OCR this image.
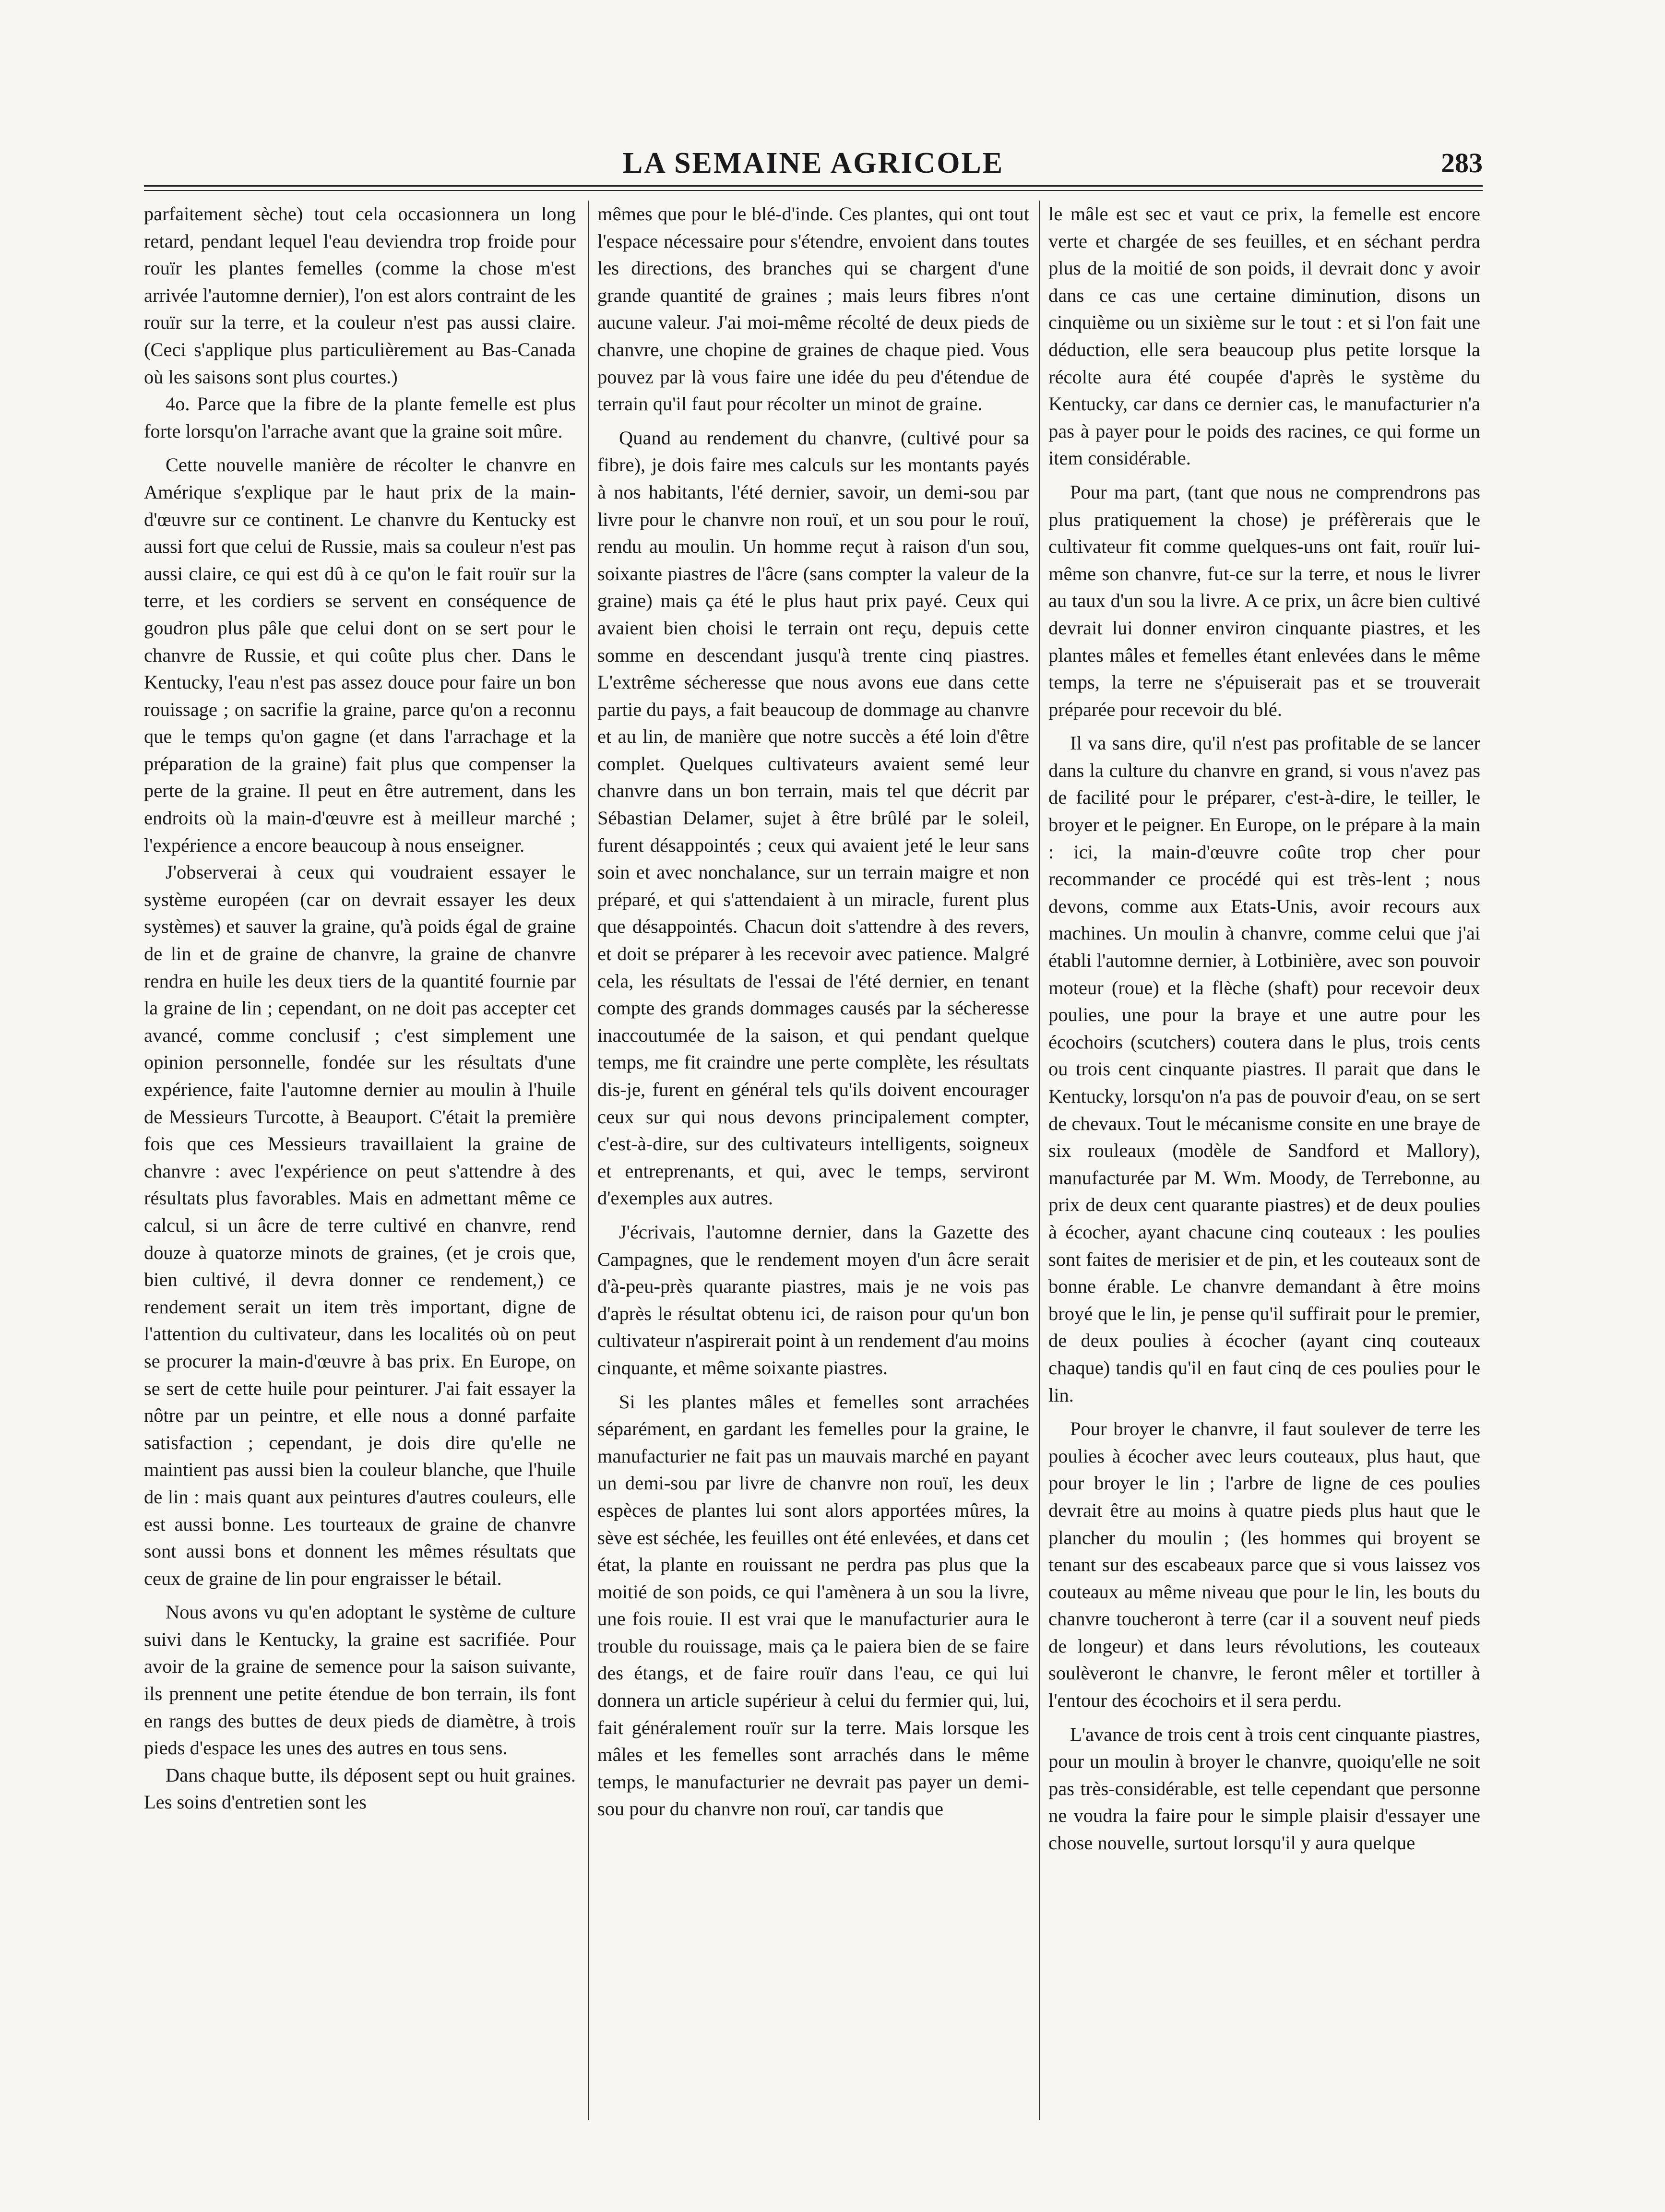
LA SEMAINE AGRICOLE	283

parfaitement sèche) tout cela occasionnera un long retard, pendant lequel l'eau deviendra trop froide pour rouïr les plantes femelles (comme la chose m'est arrivée l'automne dernier), l'on est alors contraint de les rouïr sur la terre, et la couleur n'est pas aussi claire. (Ceci s'applique plus particulièrement au Bas-Canada où les saisons sont plus courtes.)

4o. Parce que la fibre de la plante femelle est plus forte lorsqu'on l'arrache avant que la graine soit mûre.

Cette nouvelle manière de récolter le chanvre en Amérique s'explique par le haut prix de la main-d'œuvre sur ce continent. Le chanvre du Kentucky est aussi fort que celui de Russie, mais sa couleur n'est pas aussi claire, ce qui est dû à ce qu'on le fait rouïr sur la terre, et les cordiers se servent en conséquence de goudron plus pâle que celui dont on se sert pour le chanvre de Russie, et qui coûte plus cher. Dans le Kentucky, l'eau n'est pas assez douce pour faire un bon rouissage ; on sacrifie la graine, parce qu'on a reconnu que le temps qu'on gagne (et dans l'arrachage et la préparation de la graine) fait plus que compenser la perte de la graine. Il peut en être autrement, dans les endroits où la main-d'œuvre est à meilleur marché ; l'expérience a encore beaucoup à nous enseigner.

J'observerai à ceux qui voudraient essayer le système européen (car on devrait essayer les deux systèmes) et sauver la graine, qu'à poids égal de graine de lin et de graine de chanvre, la graine de chanvre rendra en huile les deux tiers de la quantité fournie par la graine de lin ; cependant, on ne doit pas accepter cet avancé, comme conclusif ; c'est simplement une opinion personnelle, fondée sur les résultats d'une expérience, faite l'automne dernier au moulin à l'huile de Messieurs Turcotte, à Beauport. C'était la première fois que ces Messieurs travaillaient la graine de chanvre : avec l'expérience on peut s'attendre à des résultats plus favorables. Mais en admettant même ce calcul, si un âcre de terre cultivé en chanvre, rend douze à quatorze minots de graines, (et je crois que, bien cultivé, il devra donner ce rendement,) ce rendement serait un item très important, digne de l'attention du cultivateur, dans les localités où on peut se procurer la main-d'œuvre à bas prix. En Europe, on se sert de cette huile pour peinturer. J'ai fait essayer la nôtre par un peintre, et elle nous a donné parfaite satisfaction ; cependant, je dois dire qu'elle ne maintient pas aussi bien la couleur blanche, que l'huile de lin : mais quant aux peintures d'autres couleurs, elle est aussi bonne. Les tourteaux de graine de chanvre sont aussi bons et donnent les mêmes résultats que ceux de graine de lin pour engraisser le bétail.

Nous avons vu qu'en adoptant le système de culture suivi dans le Kentucky, la graine est sacrifiée. Pour avoir de la graine de semence pour la saison suivante, ils prennent une petite étendue de bon terrain, ils font en rangs des buttes de deux pieds de diamètre, à trois pieds d'espace les unes des autres en tous sens.

Dans chaque butte, ils déposent sept ou huit graines. Les soins d'entretien sont les

mêmes que pour le blé-d'inde. Ces plantes, qui ont tout l'espace nécessaire pour s'étendre, envoient dans toutes les directions, des branches qui se chargent d'une grande quantité de graines ; mais leurs fibres n'ont aucune valeur. J'ai moi-même récolté de deux pieds de chanvre, une chopine de graines de chaque pied. Vous pouvez par là vous faire une idée du peu d'étendue de terrain qu'il faut pour récolter un minot de graine.

Quand au rendement du chanvre, (cultivé pour sa fibre), je dois faire mes calculs sur les montants payés à nos habitants, l'été dernier, savoir, un demi-sou par livre pour le chanvre non rouï, et un sou pour le rouï, rendu au moulin. Un homme reçut à raison d'un sou, soixante piastres de l'âcre (sans compter la valeur de la graine) mais ça été le plus haut prix payé. Ceux qui avaient bien choisi le terrain ont reçu, depuis cette somme en descendant jusqu'à trente cinq piastres. L'extrême sécheresse que nous avons eue dans cette partie du pays, a fait beaucoup de dommage au chanvre et au lin, de manière que notre succès a été loin d'être complet. Quelques cultivateurs avaient semé leur chanvre dans un bon terrain, mais tel que décrit par Sébastian Delamer, sujet à être brûlé par le soleil, furent désappointés ; ceux qui avaient jeté le leur sans soin et avec nonchalance, sur un terrain maigre et non préparé, et qui s'attendaient à un miracle, furent plus que désappointés. Chacun doit s'attendre à des revers, et doit se préparer à les recevoir avec patience. Malgré cela, les résultats de l'essai de l'été dernier, en tenant compte des grands dommages causés par la sécheresse inaccoutumée de la saison, et qui pendant quelque temps, me fit craindre une perte complète, les résultats dis-je, furent en général tels qu'ils doivent encourager ceux sur qui nous devons principalement compter, c'est-à-dire, sur des cultivateurs intelligents, soigneux et entreprenants, et qui, avec le temps, serviront d'exemples aux autres.

J'écrivais, l'automne dernier, dans la Gazette des Campagnes, que le rendement moyen d'un âcre serait d'à-peu-près quarante piastres, mais je ne vois pas d'après le résultat obtenu ici, de raison pour qu'un bon cultivateur n'aspirerait point à un rendement d'au moins cinquante, et même soixante piastres.

Si les plantes mâles et femelles sont arrachées séparément, en gardant les femelles pour la graine, le manufacturier ne fait pas un mauvais marché en payant un demi-sou par livre de chanvre non rouï, les deux espèces de plantes lui sont alors apportées mûres, la sève est séchée, les feuilles ont été enlevées, et dans cet état, la plante en rouissant ne perdra pas plus que la moitié de son poids, ce qui l'amènera à un sou la livre, une fois rouie. Il est vrai que le manufacturier aura le trouble du rouissage, mais ça le paiera bien de se faire des étangs, et de faire rouïr dans l'eau, ce qui lui donnera un article supérieur à celui du fermier qui, lui, fait généralement rouïr sur la terre. Mais lorsque les mâles et les femelles sont arrachés dans le même temps, le manufacturier ne devrait pas payer un demi-sou pour du chanvre non rouï, car tandis que

le mâle est sec et vaut ce prix, la femelle est encore verte et chargée de ses feuilles, et en séchant perdra plus de la moitié de son poids, il devrait donc y avoir dans ce cas une certaine diminution, disons un cinquième ou un sixième sur le tout : et si l'on fait une déduction, elle sera beaucoup plus petite lorsque la récolte aura été coupée d'après le système du Kentucky, car dans ce dernier cas, le manufacturier n'a pas à payer pour le poids des racines, ce qui forme un item considérable.

Pour ma part, (tant que nous ne comprendrons pas plus pratiquement la chose) je préfèrerais que le cultivateur fit comme quelques-uns ont fait, rouïr lui-même son chanvre, fut-ce sur la terre, et nous le livrer au taux d'un sou la livre. A ce prix, un âcre bien cultivé devrait lui donner environ cinquante piastres, et les plantes mâles et femelles étant enlevées dans le même temps, la terre ne s'épuiserait pas et se trouverait préparée pour recevoir du blé.

Il va sans dire, qu'il n'est pas profitable de se lancer dans la culture du chanvre en grand, si vous n'avez pas de facilité pour le préparer, c'est-à-dire, le teiller, le broyer et le peigner. En Europe, on le prépare à la main : ici, la main-d'œuvre coûte trop cher pour recommander ce procédé qui est très-lent ; nous devons, comme aux Etats-Unis, avoir recours aux machines. Un moulin à chanvre, comme celui que j'ai établi l'automne dernier, à Lotbinière, avec son pouvoir moteur (roue) et la flèche (shaft) pour recevoir deux poulies, une pour la braye et une autre pour les écochoirs (scutchers) coutera dans le plus, trois cents ou trois cent cinquante piastres. Il parait que dans le Kentucky, lorsqu'on n'a pas de pouvoir d'eau, on se sert de chevaux. Tout le mécanisme consite en une braye de six rouleaux (modèle de Sandford et Mallory), manufacturée par M. Wm. Moody, de Terrebonne, au prix de deux cent quarante piastres) et de deux poulies à écocher, ayant chacune cinq couteaux : les poulies sont faites de merisier et de pin, et les couteaux sont de bonne érable. Le chanvre demandant à être moins broyé que le lin, je pense qu'il suffirait pour le premier, de deux poulies à écocher (ayant cinq couteaux chaque) tandis qu'il en faut cinq de ces poulies pour le lin.

Pour broyer le chanvre, il faut soulever de terre les poulies à écocher avec leurs couteaux, plus haut, que pour broyer le lin ; l'arbre de ligne de ces poulies devrait être au moins à quatre pieds plus haut que le plancher du moulin ; (les hommes qui broyent se tenant sur des escabeaux parce que si vous laissez vos couteaux au même niveau que pour le lin, les bouts du chanvre toucheront à terre (car il a souvent neuf pieds de longeur) et dans leurs révolutions, les couteaux soulèveront le chanvre, le feront mêler et tortiller à l'entour des écochoirs et il sera perdu.

L'avance de trois cent à trois cent cinquante piastres, pour un moulin à broyer le chanvre, quoiqu'elle ne soit pas très-considérable, est telle cependant que personne ne voudra la faire pour le simple plaisir d'essayer une chose nouvelle, surtout lorsqu'il y aura quelque
